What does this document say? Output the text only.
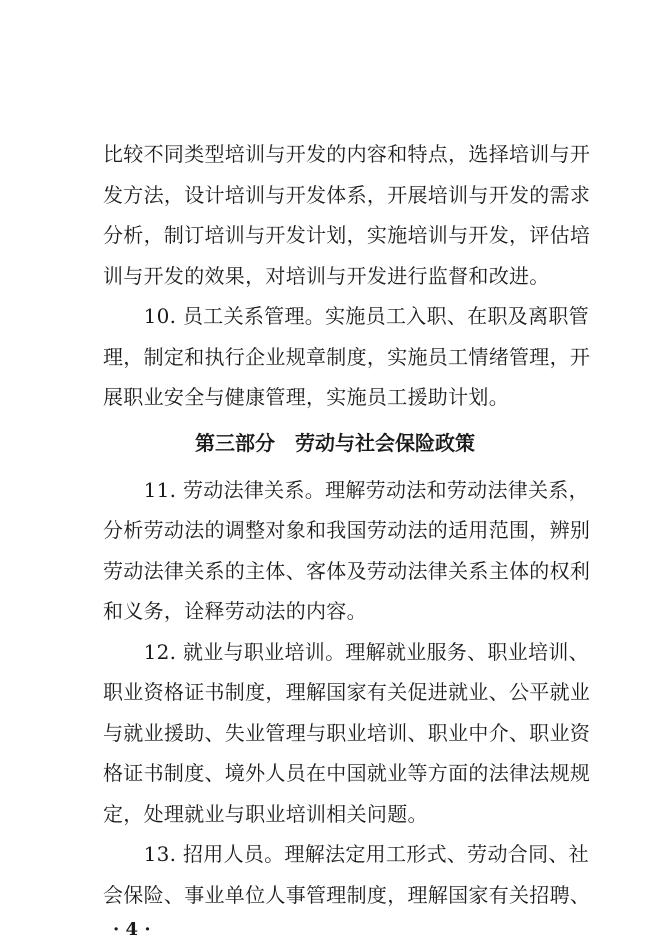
比较不同类型培训与开发的内容和特点，选择培训与开
发方法，设计培训与开发体系，开展培训与开发的需求
分析，制订培训与开发计划，实施培训与开发，评估培
训与开发的效果，对培训与开发进行监督和改进。
　　10. 员工关系管理。实施员工入职、在职及离职管
理，制定和执行企业规章制度，实施员工情绪管理，开
展职业安全与健康管理，实施员工援助计划。
第三部分　劳动与社会保险政策
　　11. 劳动法律关系。理解劳动法和劳动法律关系，
分析劳动法的调整对象和我国劳动法的适用范围，辨别
劳动法律关系的主体、客体及劳动法律关系主体的权利
和义务，诠释劳动法的内容。
　　12. 就业与职业培训。理解就业服务、职业培训、
职业资格证书制度，理解国家有关促进就业、公平就业
与就业援助、失业管理与职业培训、职业中介、职业资
格证书制度、境外人员在中国就业等方面的法律法规规
定，处理就业与职业培训相关问题。
　　13. 招用人员。理解法定用工形式、劳动合同、社
会保险、事业单位人事管理制度，理解国家有关招聘、
· 4 ·
